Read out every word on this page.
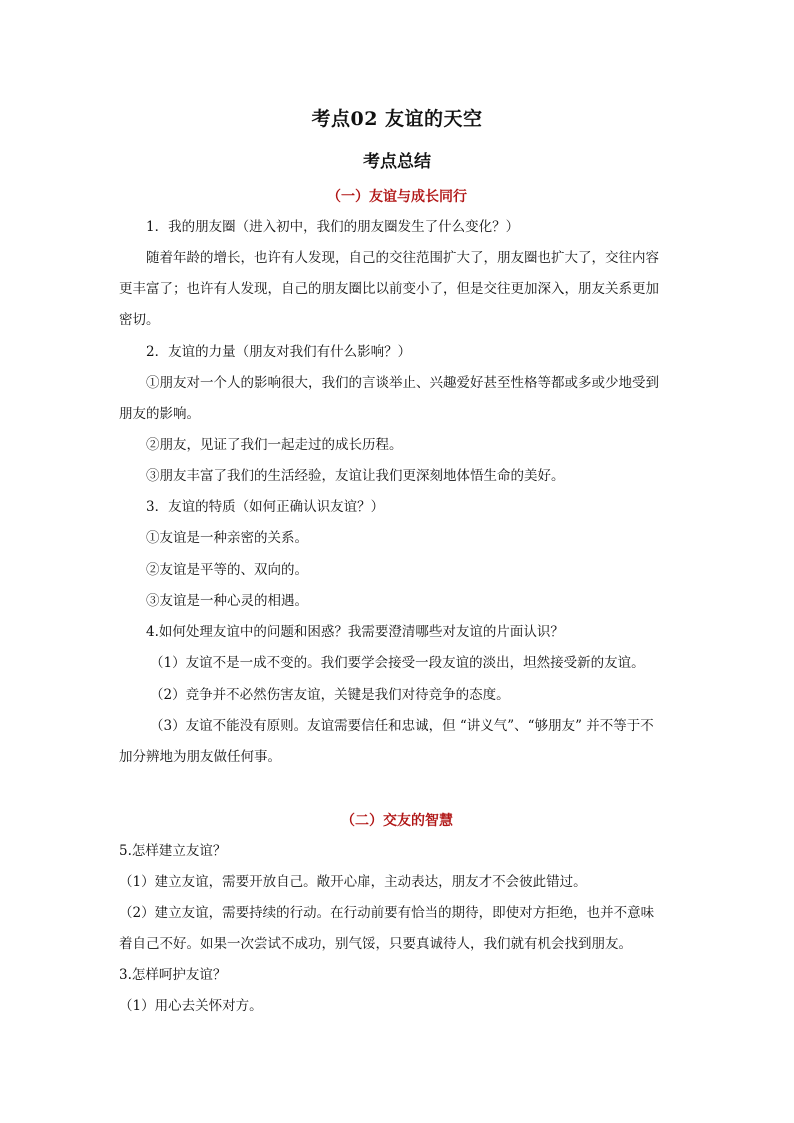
考点02 友谊的天空
考点总结
（一）友谊与成长同行
1．我的朋友圈（进入初中，我们的朋友圈发生了什么变化？）
随着年龄的增长，也许有人发现，自己的交往范围扩大了，朋友圈也扩大了，交往内容
更丰富了；也许有人发现，自己的朋友圈比以前变小了，但是交往更加深入，朋友关系更加
密切。
2．友谊的力量（朋友对我们有什么影响？）
①朋友对一个人的影响很大，我们的言谈举止、兴趣爱好甚至性格等都或多或少地受到
朋友的影响。
②朋友，见证了我们一起走过的成长历程。
③朋友丰富了我们的生活经验，友谊让我们更深刻地体悟生命的美好。
3．友谊的特质（如何正确认识友谊？）
①友谊是一种亲密的关系。
②友谊是平等的、双向的。
③友谊是一种心灵的相遇。
4.如何处理友谊中的问题和困惑？我需要澄清哪些对友谊的片面认识？
（1）友谊不是一成不变的。我们要学会接受一段友谊的淡出，坦然接受新的友谊。
（2）竞争并不必然伤害友谊，关键是我们对待竞争的态度。
（3）友谊不能没有原则。友谊需要信任和忠诚，但 “讲义气”、“够朋友” 并不等于不
加分辨地为朋友做任何事。
（二）交友的智慧
5.怎样建立友谊？
（1）建立友谊，需要开放自己。敞开心扉，主动表达，朋友才不会彼此错过。
（2）建立友谊，需要持续的行动。在行动前要有恰当的期待，即使对方拒绝，也并不意味
着自己不好。如果一次尝试不成功，别气馁，只要真诚待人，我们就有机会找到朋友。
3.怎样呵护友谊？
（1）用心去关怀对方。
